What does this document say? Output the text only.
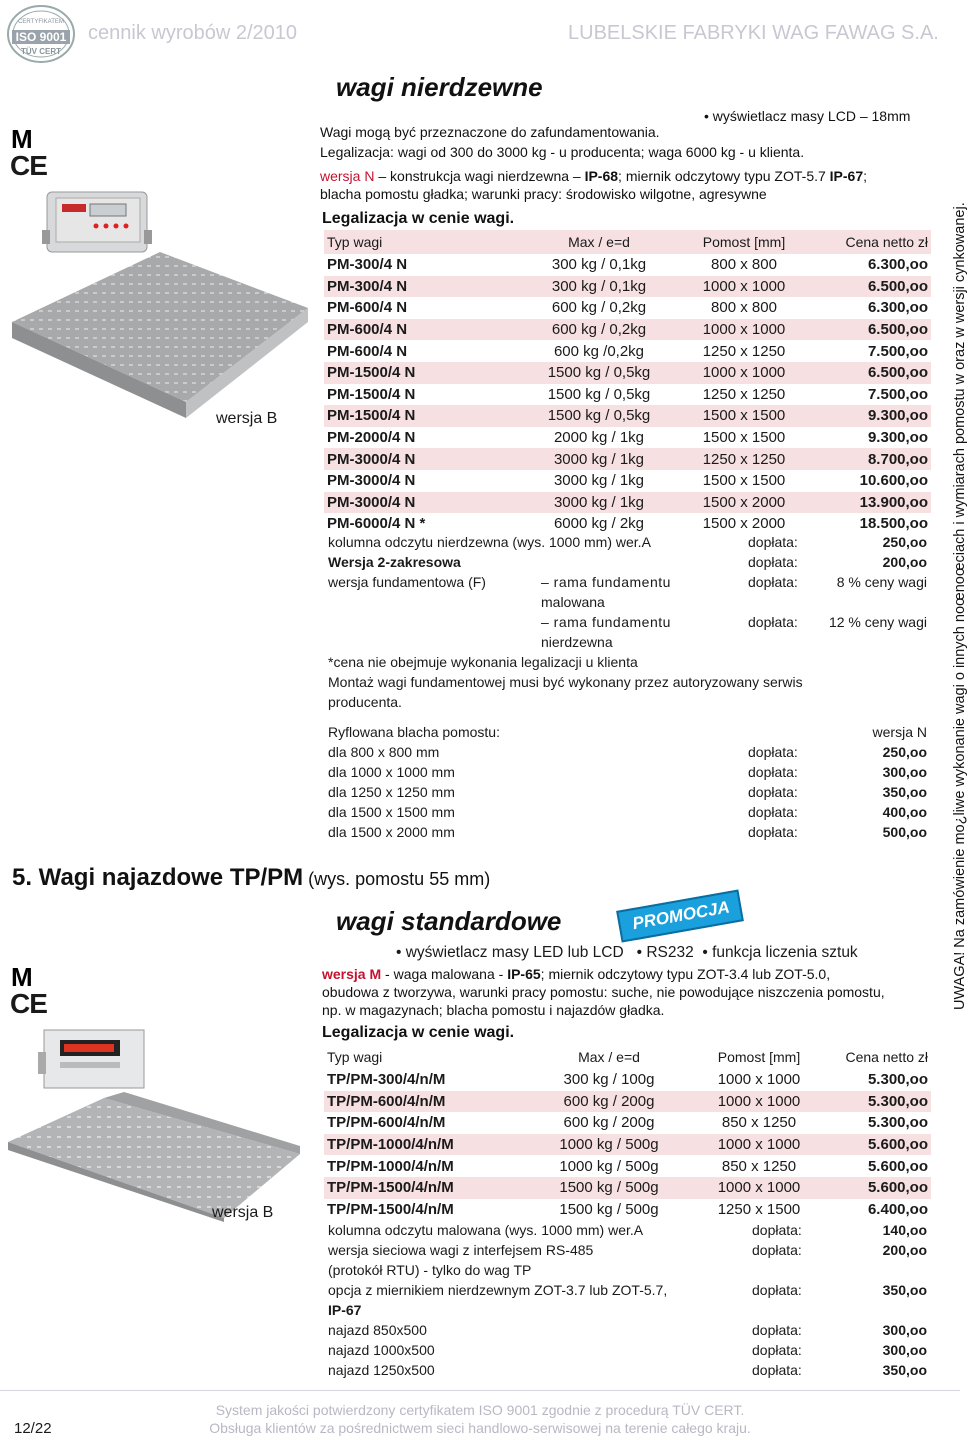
ISO 9001
CERTYFIKATEM
TÜV CERT
cennik wyrobów 2/2010	LUBELSKIE FABRYKI WAG FAWAG S.A.
M
CE
wersja B
wagi nierdzewne
• wyświetlacz masy LCD – 18mm
Wagi mogą być przeznaczone do zafundamentowania.
Legalizacja: wagi od 300 do 3000 kg - u producenta; waga 6000 kg - u klienta.
wersja N – konstrukcja wagi nierdzewna – IP-68; miernik odczytowy typu ZOT-5.7 IP-67;
blacha pomostu gładka; warunki pracy: środowisko wilgotne, agresywne
Legalizacja w cenie wagi.
Typ wagi	Max / e=d	Pomost [mm]	Cena netto zł
PM-300/4 N	300 kg / 0,1kg	800 x 800	6.300,oo
PM-300/4 N	300 kg / 0,1kg	1000 x 1000	6.500,oo
PM-600/4 N	600 kg / 0,2kg	800 x 800	6.300,oo
PM-600/4 N	600 kg / 0,2kg	1000 x 1000	6.500,oo
PM-600/4 N	600 kg /0,2kg	1250 x 1250	7.500,oo
PM-1500/4 N	1500 kg / 0,5kg	1000 x 1000	6.500,oo
PM-1500/4 N	1500 kg / 0,5kg	1250 x 1250	7.500,oo
PM-1500/4 N	1500 kg / 0,5kg	1500 x 1500	9.300,oo
PM-2000/4 N	2000 kg / 1kg	1500 x 1500	9.300,oo
PM-3000/4 N	3000 kg / 1kg	1250 x 1250	8.700,oo
PM-3000/4 N	3000 kg / 1kg	1500 x 1500	10.600,oo
PM-3000/4 N	3000 kg / 1kg	1500 x 2000	13.900,oo
PM-6000/4 N *	6000 kg / 2kg	1500 x 2000	18.500,oo
kolumna odczytu nierdzewna (wys. 1000 mm) wer.A	dopłata:	250,oo
Wersja 2-zakresowa	dopłata:	200,oo
wersja fundamentowa (F)	– rama fundamentu
malowana
dopłata:	8 % ceny wagi
– rama fundamentu
nierdzewna
dopłata:	12 % ceny wagi
*cena nie obejmuje wykonania legalizacji u klienta
Montaż wagi fundamentowej musi być wykonany przez autoryzowany serwis
producenta.
Ryflowana blacha pomostu:	wersja N
dla 800 x 800 mm	dopłata:	250,oo
dla 1000 x 1000 mm	dopłata:	300,oo
dla 1250 x 1250 mm	dopłata:	350,oo
dla 1500 x 1500 mm	dopłata:	400,oo
dla 1500 x 2000 mm	dopłata:	500,oo
5. Wagi najazdowe TP/PM (wys. pomostu 55 mm)
wagi standardowe	PROMOCJA
• wyświetlacz masy LED lub LCD   • RS232  • funkcja liczenia sztuk
wersja M - waga malowana - IP-65; miernik odczytowy typu ZOT-3.4 lub ZOT-5.0,
obudowa z tworzywa, warunki pracy pomostu: suche, nie powodujące niszczenia pomostu,
np. w magazynach; blacha pomostu i najazdów gładka.
Legalizacja w cenie wagi.
M
CE
wersja B
Typ wagi	Max / e=d	Pomost [mm]	Cena netto zł
TP/PM-300/4/n/M	300 kg / 100g	1000 x 1000	5.300,oo
TP/PM-600/4/n/M	600 kg / 200g	1000 x 1000	5.300,oo
TP/PM-600/4/n/M	600 kg / 200g	850 x 1250	5.300,oo
TP/PM-1000/4/n/M	1000 kg / 500g	1000 x 1000	5.600,oo
TP/PM-1000/4/n/M	1000 kg / 500g	850 x 1250	5.600,oo
TP/PM-1500/4/n/M	1500 kg / 500g	1000 x 1000	5.600,oo
TP/PM-1500/4/n/M	1500 kg / 500g	1250 x 1500	6.400,oo
kolumna odczytu malowana (wys. 1000 mm) wer.A	dopłata:	140,oo
wersja sieciowa wagi z interfejsem RS-485	dopłata:	200,oo
(protokół RTU) - tylko do wag TP
opcja z miernikiem nierdzewnym ZOT-3.7 lub ZOT-5.7,	dopłata:	350,oo
IP-67
najazd 850x500	dopłata:	300,oo
najazd 1000x500	dopłata:	300,oo
najazd 1250x500	dopłata:	350,oo
UWAGA! Na zamówienie mo¿liwe wykonanie wagi o innych noœnoœciach i wymiarach pomostu w oraz w wersji cynkowanej.
System jakości potwierdzony certyfikatem ISO 9001 zgodnie z procedurą TÜV CERT.
Obsługa klientów za pośrednictwem sieci handlowo-serwisowej na terenie całego kraju.
12/22
